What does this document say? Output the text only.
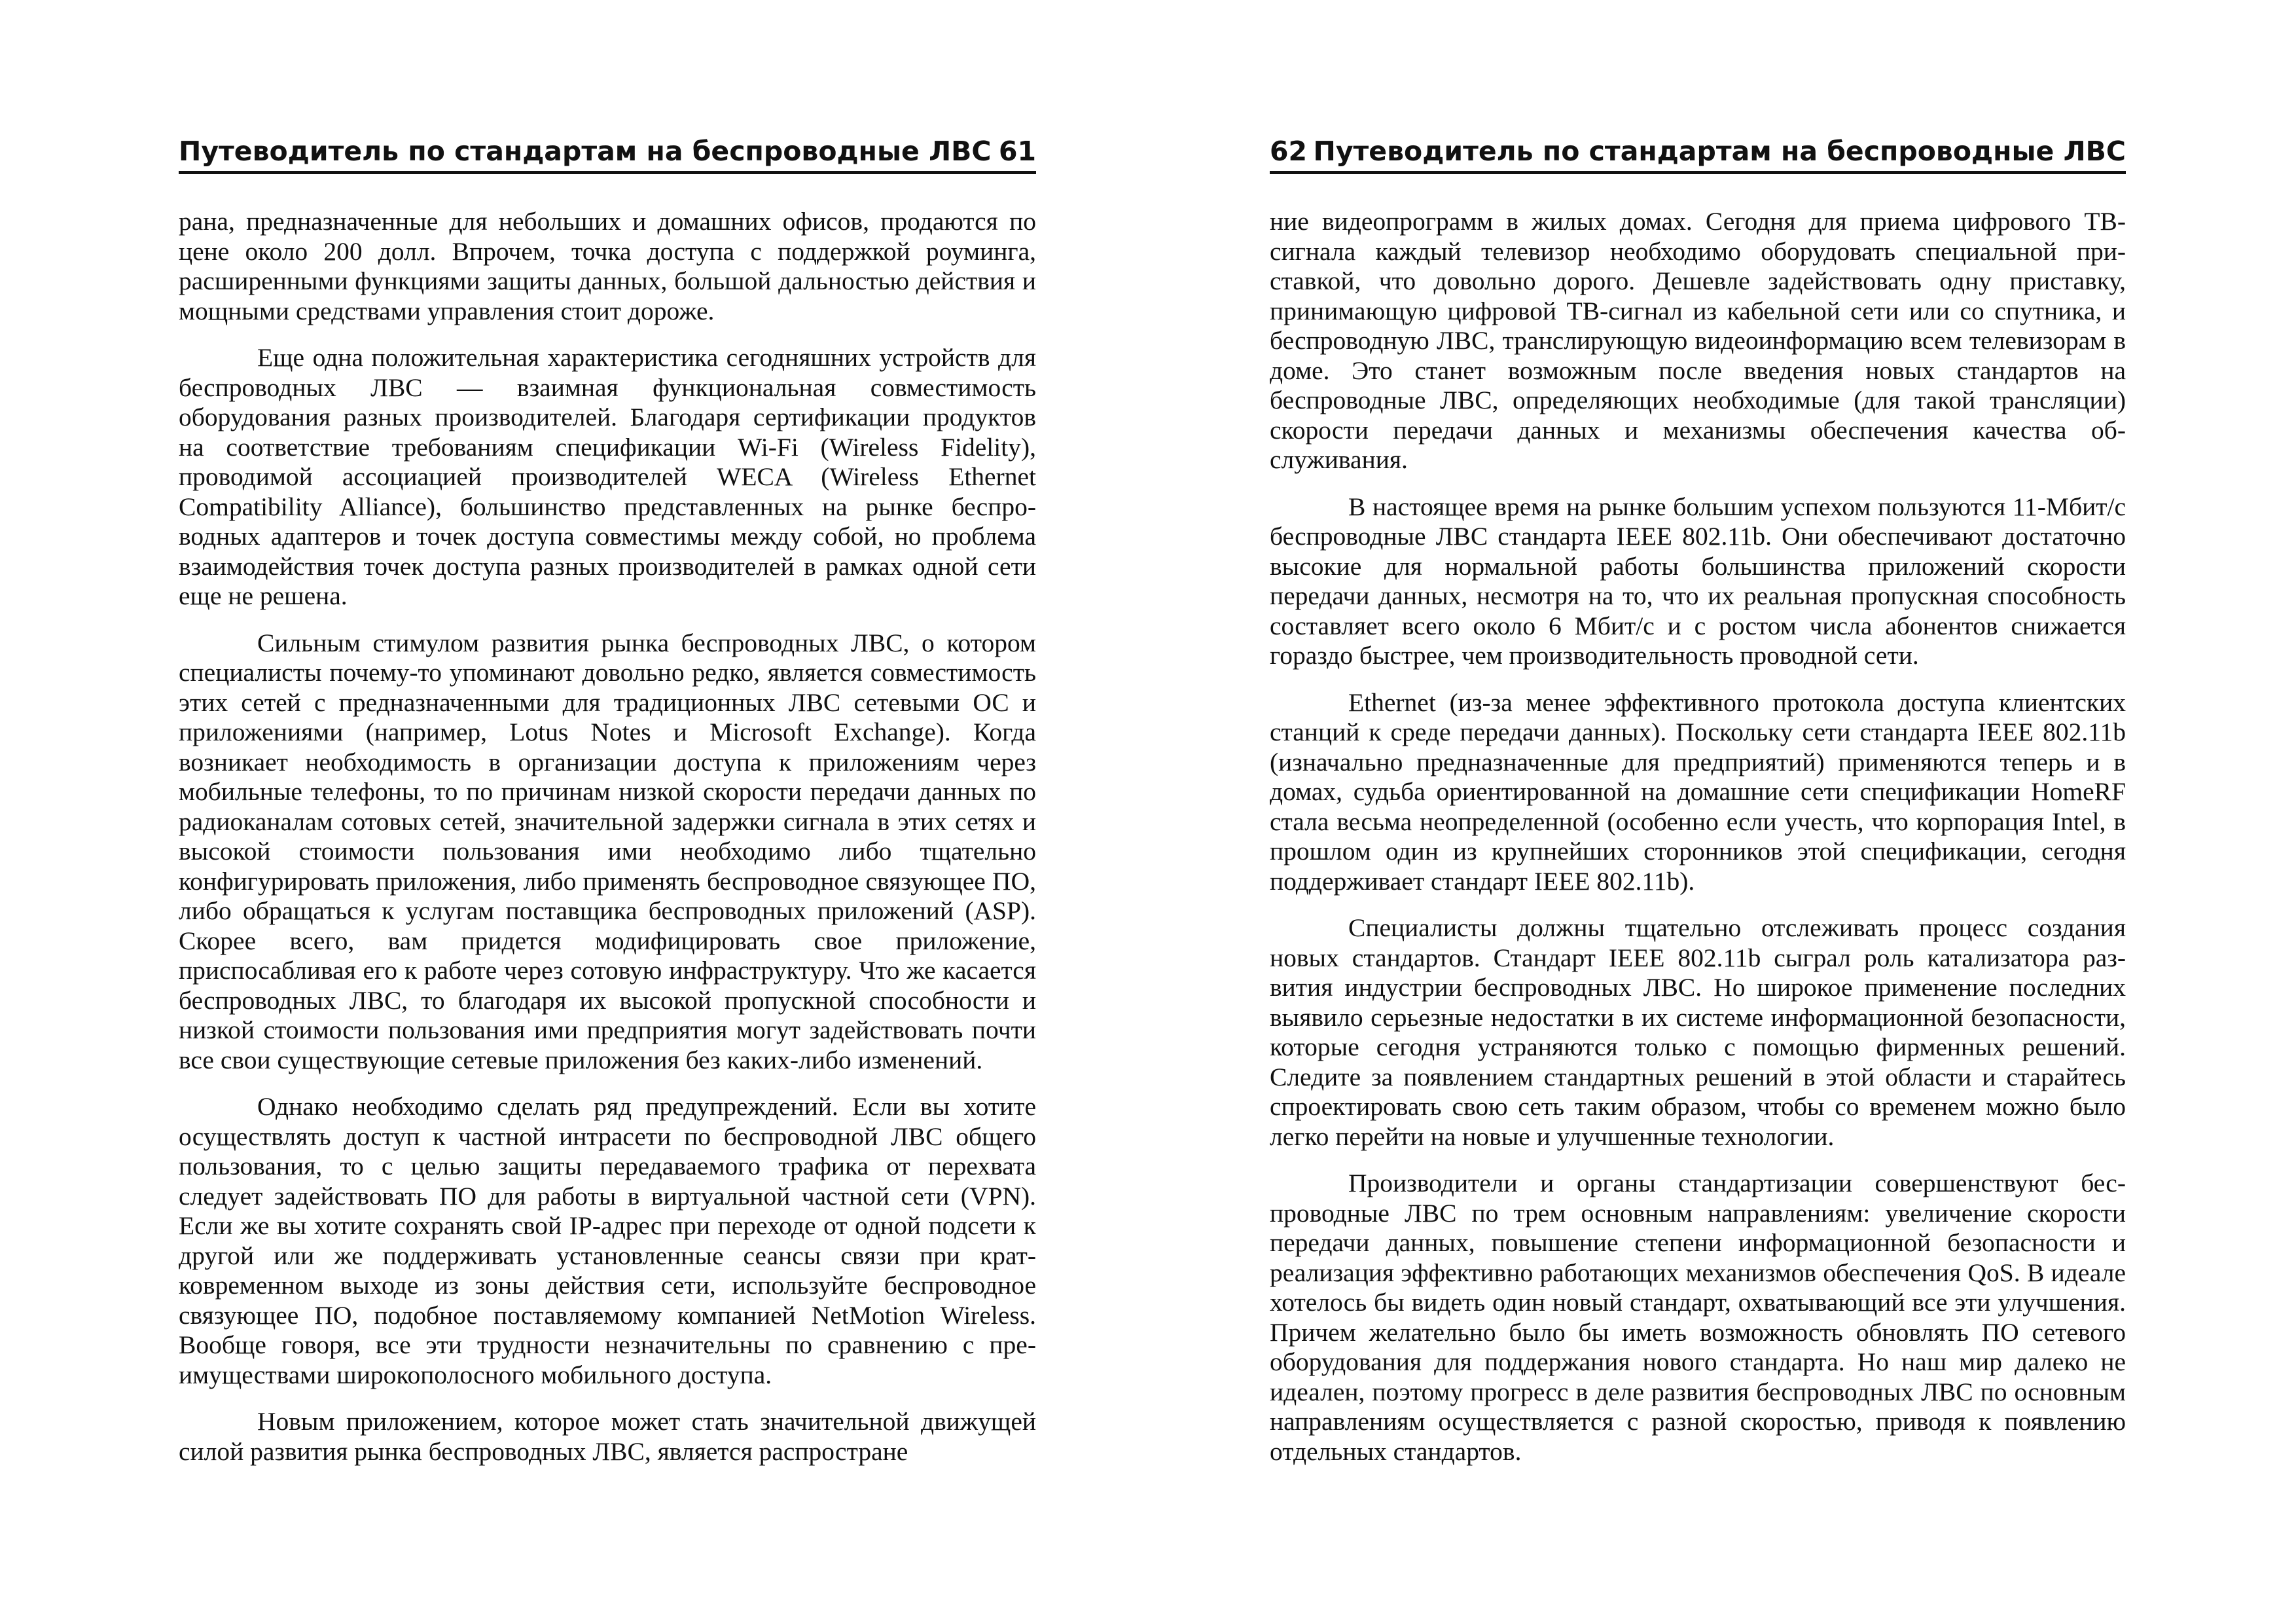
Путеводитель по стандартам на беспроводные ЛВС 61

рана, предназначенные для небольших и домашних офисов, продаются по цене около 200 долл. Впрочем, точка доступа с поддержкой роуминга, расширенными функциями защиты данных, большой дальностью действия и мощными средствами управления стоит дороже.

Еще одна положительная характеристика сегодняшних устройств для беспроводных ЛВС — взаимная функциональная совместимость оборудования разных производителей. Благодаря сертификации продуктов на соответствие требованиям спецификации Wi-Fi (Wireless Fidelity), проводимой ассоциацией производителей WECA (Wireless Ethernet Compatibility Alliance), большинство представленных на рынке беспроводных адаптеров и точек доступа совместимы между собой, но проблема взаимодействия точек доступа разных производителей в рамках одной сети еще не решена.

Сильным стимулом развития рынка беспроводных ЛВС, о котором специалисты почему-то упоминают довольно редко, является совместимость этих сетей с предназначенными для традиционных ЛВС сетевыми ОС и приложениями (например, Lotus Notes и Microsoft Exchange). Когда возникает необходимость в организации доступа к приложениям через мобильные телефоны, то по причинам низкой скорости передачи данных по радиоканалам сотовых сетей, значительной задержки сигнала в этих сетях и высокой стоимости пользования ими необходимо либо тщательно конфигурировать приложения, либо применять беспроводное связующее ПО, либо обращаться к услугам поставщика беспроводных приложений (ASP). Скорее всего, вам придется модифицировать свое приложение, приспосабливая его к работе через сотовую инфраструктуру. Что же касается беспроводных ЛВС, то благодаря их высокой пропускной способности и низкой стоимости пользования ими предприятия могут задействовать почти все свои существующие сетевые приложения без каких-либо изменений.

Однако необходимо сделать ряд предупреждений. Если вы хотите осуществлять доступ к частной интрасети по беспроводной ЛВС общего пользования, то с целью защиты передаваемого трафика от перехвата следует задействовать ПО для работы в виртуальной частной сети (VPN). Если же вы хотите сохранять свой IP-адрес при переходе от одной подсети к другой или же поддерживать установленные сеансы связи при кратковременном выходе из зоны действия сети, используйте беспроводное связующее ПО, подобное поставляемому компанией NetMotion Wireless. Вообще говоря, все эти трудности незначительны по сравнению с преимуществами широкополосного мобильного доступа.

Новым приложением, которое может стать значительной движущей силой развития рынка беспроводных ЛВС, является распростране

62 Путеводитель по стандартам на беспроводные ЛВС

ние видеопрограмм в жилых домах. Сегодня для приема цифрового ТВ-сигнала каждый телевизор необходимо оборудовать специальной приставкой, что довольно дорого. Дешевле задействовать одну приставку, принимающую цифровой ТВ-сигнал из кабельной сети или со спутника, и беспроводную ЛВС, транслирующую видеоинформацию всем телевизорам в доме. Это станет возможным после введения новых стандартов на беспроводные ЛВС, определяющих необходимые (для такой трансляции) скорости передачи данных и механизмы обеспечения качества обслуживания.

В настоящее время на рынке большим успехом пользуются 11-Мбит/с беспроводные ЛВС стандарта IEEE 802.11b. Они обеспечивают достаточно высокие для нормальной работы большинства приложений скорости передачи данных, несмотря на то, что их реальная пропускная способность составляет всего около 6 Мбит/с и с ростом числа абонентов снижается гораздо быстрее, чем производительность проводной сети.

Ethernet (из-за менее эффективного протокола доступа клиентских станций к среде передачи данных). Поскольку сети стандарта IEEE 802.11b (изначально предназначенные для предприятий) применяются теперь и в домах, судьба ориентированной на домашние сети спецификации HomeRF стала весьма неопределенной (особенно если учесть, что корпорация Intel, в прошлом один из крупнейших сторонников этой спецификации, сегодня поддерживает стандарт IEEE 802.11b).

Специалисты должны тщательно отслеживать процесс создания новых стандартов. Стандарт IEEE 802.11b сыграл роль катализатора развития индустрии беспроводных ЛВС. Но широкое применение последних выявило серьезные недостатки в их системе информационной безопасности, которые сегодня устраняются только с помощью фирменных решений. Следите за появлением стандартных решений в этой области и старайтесь спроектировать свою сеть таким образом, чтобы со временем можно было легко перейти на новые и улучшенные технологии.

Производители и органы стандартизации совершенствуют беспроводные ЛВС по трем основным направлениям: увеличение скорости передачи данных, повышение степени информационной безопасности и реализация эффективно работающих механизмов обеспечения QoS. В идеале хотелось бы видеть один новый стандарт, охватывающий все эти улучшения. Причем желательно было бы иметь возможность обновлять ПО сетевого оборудования для поддержания нового стандарта. Но наш мир далеко не идеален, поэтому прогресс в деле развития беспроводных ЛВС по основным направлениям осуществляется с разной скоростью, приводя к появлению отдельных стандартов.
